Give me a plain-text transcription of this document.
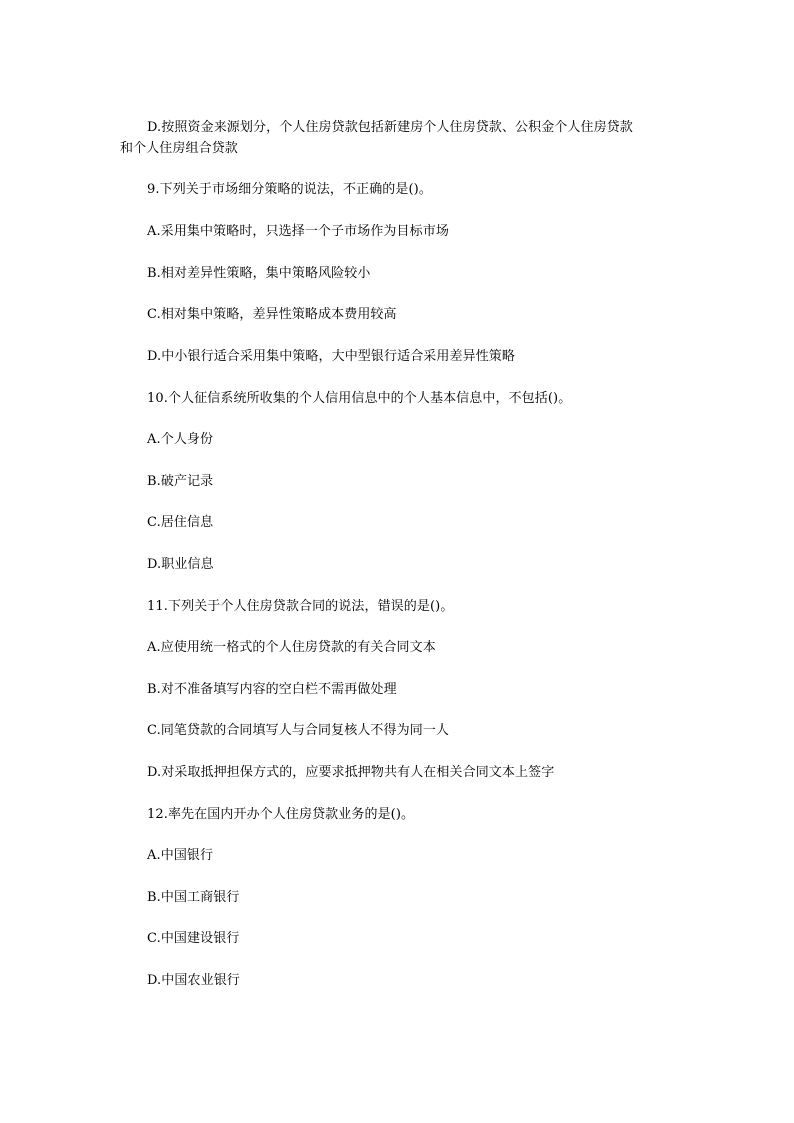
D.按照资金来源划分，个人住房贷款包括新建房个人住房贷款、公积金个人住房贷款
和个人住房组合贷款
9.下列关于市场细分策略的说法，不正确的是()。
A.采用集中策略时，只选择一个子市场作为目标市场
B.相对差异性策略，集中策略风险较小
C.相对集中策略，差异性策略成本费用较高
D.中小银行适合采用集中策略，大中型银行适合采用差异性策略
10.个人征信系统所收集的个人信用信息中的个人基本信息中，不包括()。
A.个人身份
B.破产记录
C.居住信息
D.职业信息
11.下列关于个人住房贷款合同的说法，错误的是()。
A.应使用统一格式的个人住房贷款的有关合同文本
B.对不准备填写内容的空白栏不需再做处理
C.同笔贷款的合同填写人与合同复核人不得为同一人
D.对采取抵押担保方式的，应要求抵押物共有人在相关合同文本上签字
12.率先在国内开办个人住房贷款业务的是()。
A.中国银行
B.中国工商银行
C.中国建设银行
D.中国农业银行
